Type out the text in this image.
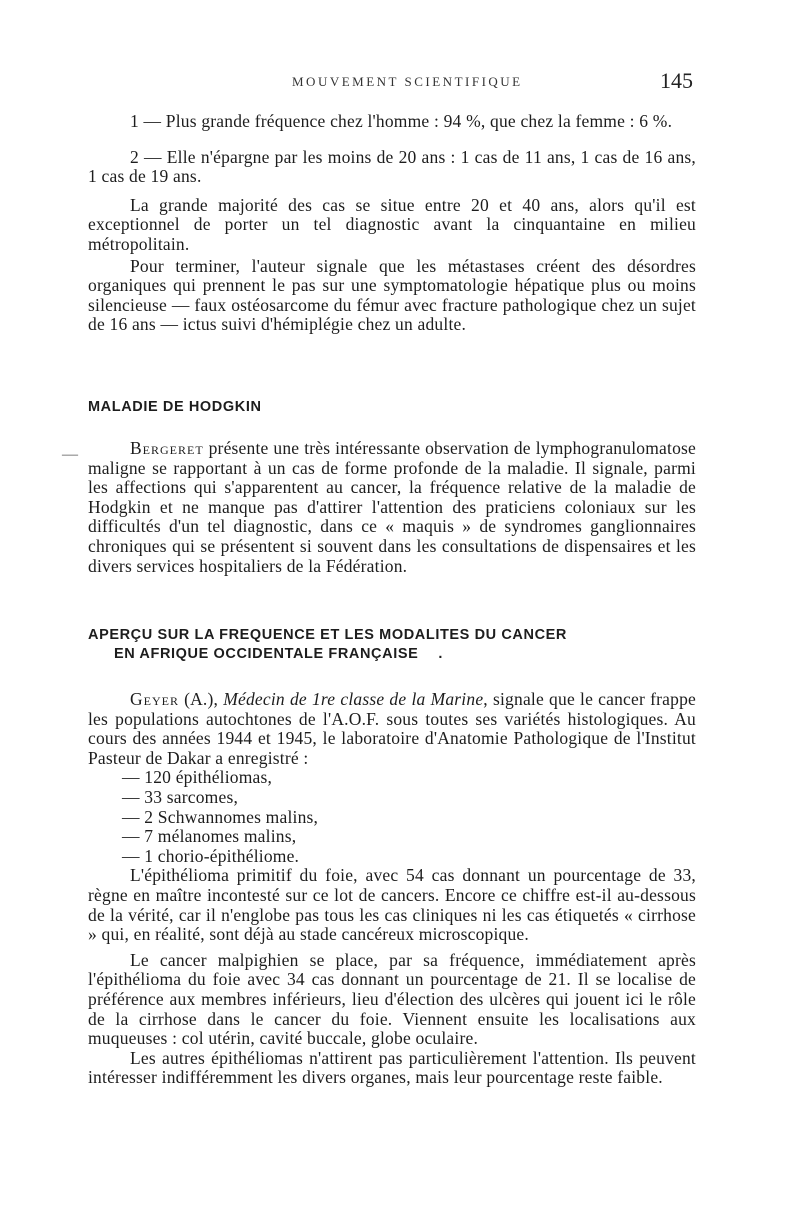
MOUVEMENT SCIENTIFIQUE	145

1 — Plus grande fréquence chez l'homme : 94 %, que chez la femme : 6 %.

2 — Elle n'épargne par les moins de 20 ans : 1 cas de 11 ans, 1 cas de 16 ans, 1 cas de 19 ans.

La grande majorité des cas se situe entre 20 et 40 ans, alors qu'il est exceptionnel de porter un tel diagnostic avant la cinquantaine en milieu métropolitain.

Pour terminer, l'auteur signale que les métastases créent des désordres organiques qui prennent le pas sur une symptomatologie hépatique plus ou moins silencieuse — faux ostéosarcome du fémur avec fracture pathologique chez un sujet de 16 ans — ictus suivi d'hémiplégie chez un adulte.

MALADIE DE HODGKIN

Bergeret présente une très intéressante observation de lymphogranulomatose maligne se rapportant à un cas de forme profonde de la maladie. Il signale, parmi les affections qui s'apparentent au cancer, la fréquence relative de la maladie de Hodgkin et ne manque pas d'attirer l'attention des praticiens coloniaux sur les difficultés d'un tel diagnostic, dans ce « maquis » de syndromes ganglionnaires chroniques qui se présentent si souvent dans les consultations de dispensaires et les divers services hospitaliers de la Fédération.

—
APERÇU SUR LA FREQUENCE ET LES MODALITES DU CANCER
EN AFRIQUE OCCIDENTALE FRANÇAISE .

Geyer (A.), Médecin de 1re classe de la Marine, signale que le cancer frappe les populations autochtones de l'A.O.F. sous toutes ses variétés histologiques. Au cours des années 1944 et 1945, le laboratoire d'Anatomie Pathologique de l'Institut Pasteur de Dakar a enregistré :

— 120 épithéliomas,
— 33 sarcomes,
— 2 Schwannomes malins,
— 7 mélanomes malins,
— 1 chorio-épithéliome.

L'épithélioma primitif du foie, avec 54 cas donnant un pourcentage de 33, règne en maître incontesté sur ce lot de cancers. Encore ce chiffre est-il au-dessous de la vérité, car il n'englobe pas tous les cas cliniques ni les cas étiquetés « cirrhose » qui, en réalité, sont déjà au stade cancéreux microscopique.

Le cancer malpighien se place, par sa fréquence, immédiatement après l'épithélioma du foie avec 34 cas donnant un pourcentage de 21. Il se localise de préférence aux membres inférieurs, lieu d'élection des ulcères qui jouent ici le rôle de la cirrhose dans le cancer du foie. Viennent ensuite les localisations aux muqueuses : col utérin, cavité buccale, globe oculaire.

Les autres épithéliomas n'attirent pas particulièrement l'attention. Ils peuvent intéresser indifféremment les divers organes, mais leur pourcentage reste faible.
